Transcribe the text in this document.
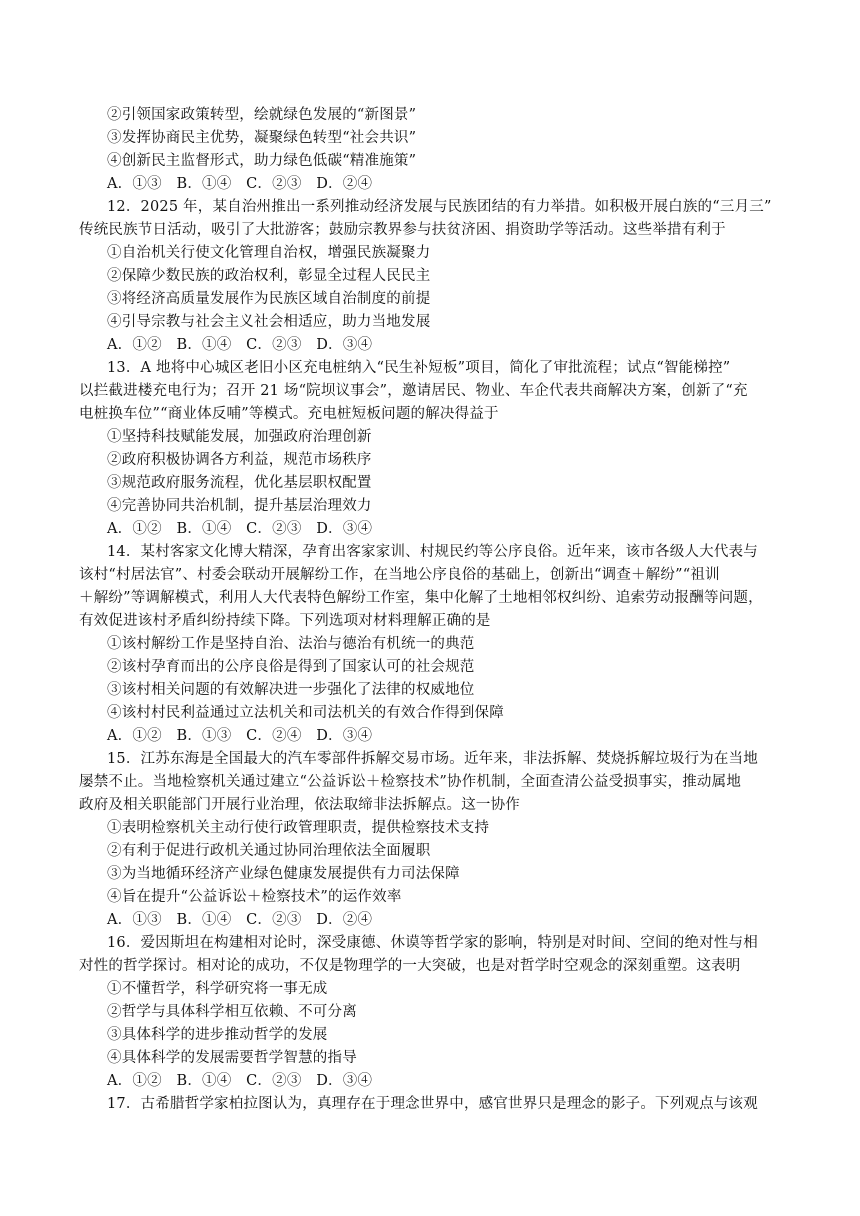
②引领国家政策转型，绘就绿色发展的“新图景”
③发挥协商民主优势，凝聚绿色转型“社会共识”
④创新民主监督形式，助力绿色低碳“精准施策”
A．①③　B．①④　C．②③　D．②④
12．2025 年，某自治州推出一系列推动经济发展与民族团结的有力举措。如积极开展白族的“三月三”
传统民族节日活动，吸引了大批游客；鼓励宗教界参与扶贫济困、捐资助学等活动。这些举措有利于
①自治机关行使文化管理自治权，增强民族凝聚力
②保障少数民族的政治权利，彰显全过程人民民主
③将经济高质量发展作为民族区域自治制度的前提
④引导宗教与社会主义社会相适应，助力当地发展
A．①②　B．①④　C．②③　D．③④
13．A 地将中心城区老旧小区充电桩纳入“民生补短板”项目，简化了审批流程；试点“智能梯控”
以拦截进楼充电行为；召开 21 场“院坝议事会”，邀请居民、物业、车企代表共商解决方案，创新了“充
电桩换车位”“商业体反哺”等模式。充电桩短板问题的解决得益于
①坚持科技赋能发展，加强政府治理创新
②政府积极协调各方利益，规范市场秩序
③规范政府服务流程，优化基层职权配置
④完善协同共治机制，提升基层治理效力
A．①②　B．①④　C．②③　D．③④
14．某村客家文化博大精深，孕育出客家家训、村规民约等公序良俗。近年来，该市各级人大代表与
该村“村居法官”、村委会联动开展解纷工作，在当地公序良俗的基础上，创新出“调查＋解纷”“祖训
＋解纷”等调解模式，利用人大代表特色解纷工作室，集中化解了土地相邻权纠纷、追索劳动报酬等问题，
有效促进该村矛盾纠纷持续下降。下列选项对材料理解正确的是
①该村解纷工作是坚持自治、法治与德治有机统一的典范
②该村孕育而出的公序良俗是得到了国家认可的社会规范
③该村相关问题的有效解决进一步强化了法律的权威地位
④该村村民利益通过立法机关和司法机关的有效合作得到保障
A．①②　B．①③　C．②④　D．③④
15．江苏东海是全国最大的汽车零部件拆解交易市场。近年来，非法拆解、焚烧拆解垃圾行为在当地
屡禁不止。当地检察机关通过建立“公益诉讼＋检察技术”协作机制，全面查清公益受损事实，推动属地
政府及相关职能部门开展行业治理，依法取缔非法拆解点。这一协作
①表明检察机关主动行使行政管理职责，提供检察技术支持
②有利于促进行政机关通过协同治理依法全面履职
③为当地循环经济产业绿色健康发展提供有力司法保障
④旨在提升“公益诉讼＋检察技术”的运作效率
A．①③　B．①④　C．②③　D．②④
16．爱因斯坦在构建相对论时，深受康德、休谟等哲学家的影响，特别是对时间、空间的绝对性与相
对性的哲学探讨。相对论的成功，不仅是物理学的一大突破，也是对哲学时空观念的深刻重塑。这表明
①不懂哲学，科学研究将一事无成
②哲学与具体科学相互依赖、不可分离
③具体科学的进步推动哲学的发展
④具体科学的发展需要哲学智慧的指导
A．①②　B．①④　C．②③　D．③④
17．古希腊哲学家柏拉图认为，真理存在于理念世界中，感官世界只是理念的影子。下列观点与该观
